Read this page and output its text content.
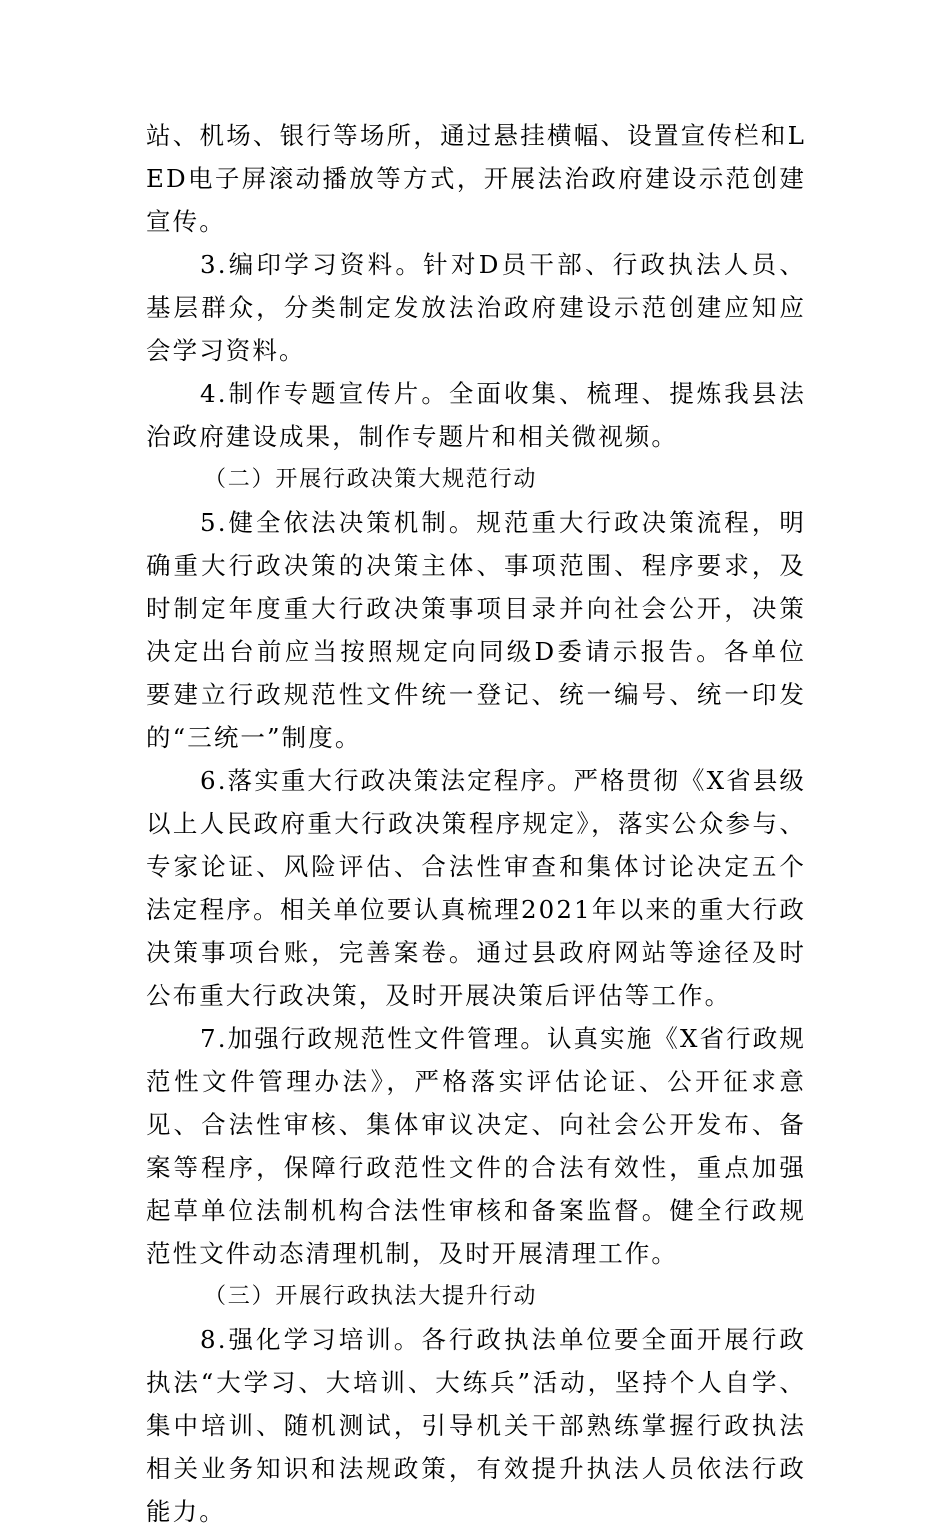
站、机场、银行等场所，通过悬挂横幅、设置宣传栏和LED电子屏滚动播放等方式，开展法治政府建设示范创建宣传。

3.编印学习资料。针对D员干部、行政执法人员、基层群众，分类制定发放法治政府建设示范创建应知应会学习资料。

4.制作专题宣传片。全面收集、梳理、提炼我县法治政府建设成果，制作专题片和相关微视频。

（二）开展行政决策大规范行动

5.健全依法决策机制。规范重大行政决策流程，明确重大行政决策的决策主体、事项范围、程序要求，及时制定年度重大行政决策事项目录并向社会公开，决策决定出台前应当按照规定向同级D委请示报告。各单位要建立行政规范性文件统一登记、统一编号、统一印发的“三统一”制度。

6.落实重大行政决策法定程序。严格贯彻《X省县级以上人民政府重大行政决策程序规定》，落实公众参与、专家论证、风险评估、合法性审查和集体讨论决定五个法定程序。相关单位要认真梳理2021年以来的重大行政决策事项台账，完善案卷。通过县政府网站等途径及时公布重大行政决策，及时开展决策后评估等工作。

7.加强行政规范性文件管理。认真实施《X省行政规范性文件管理办法》，严格落实评估论证、公开征求意见、合法性审核、集体审议决定、向社会公开发布、备案等程序，保障行政范性文件的合法有效性，重点加强起草单位法制机构合法性审核和备案监督。健全行政规范性文件动态清理机制，及时开展清理工作。

（三）开展行政执法大提升行动

8.强化学习培训。各行政执法单位要全面开展行政执法“大学习、大培训、大练兵”活动，坚持个人自学、集中培训、随机测试，引导机关干部熟练掌握行政执法相关业务知识和法规政策，有效提升执法人员依法行政能力。
